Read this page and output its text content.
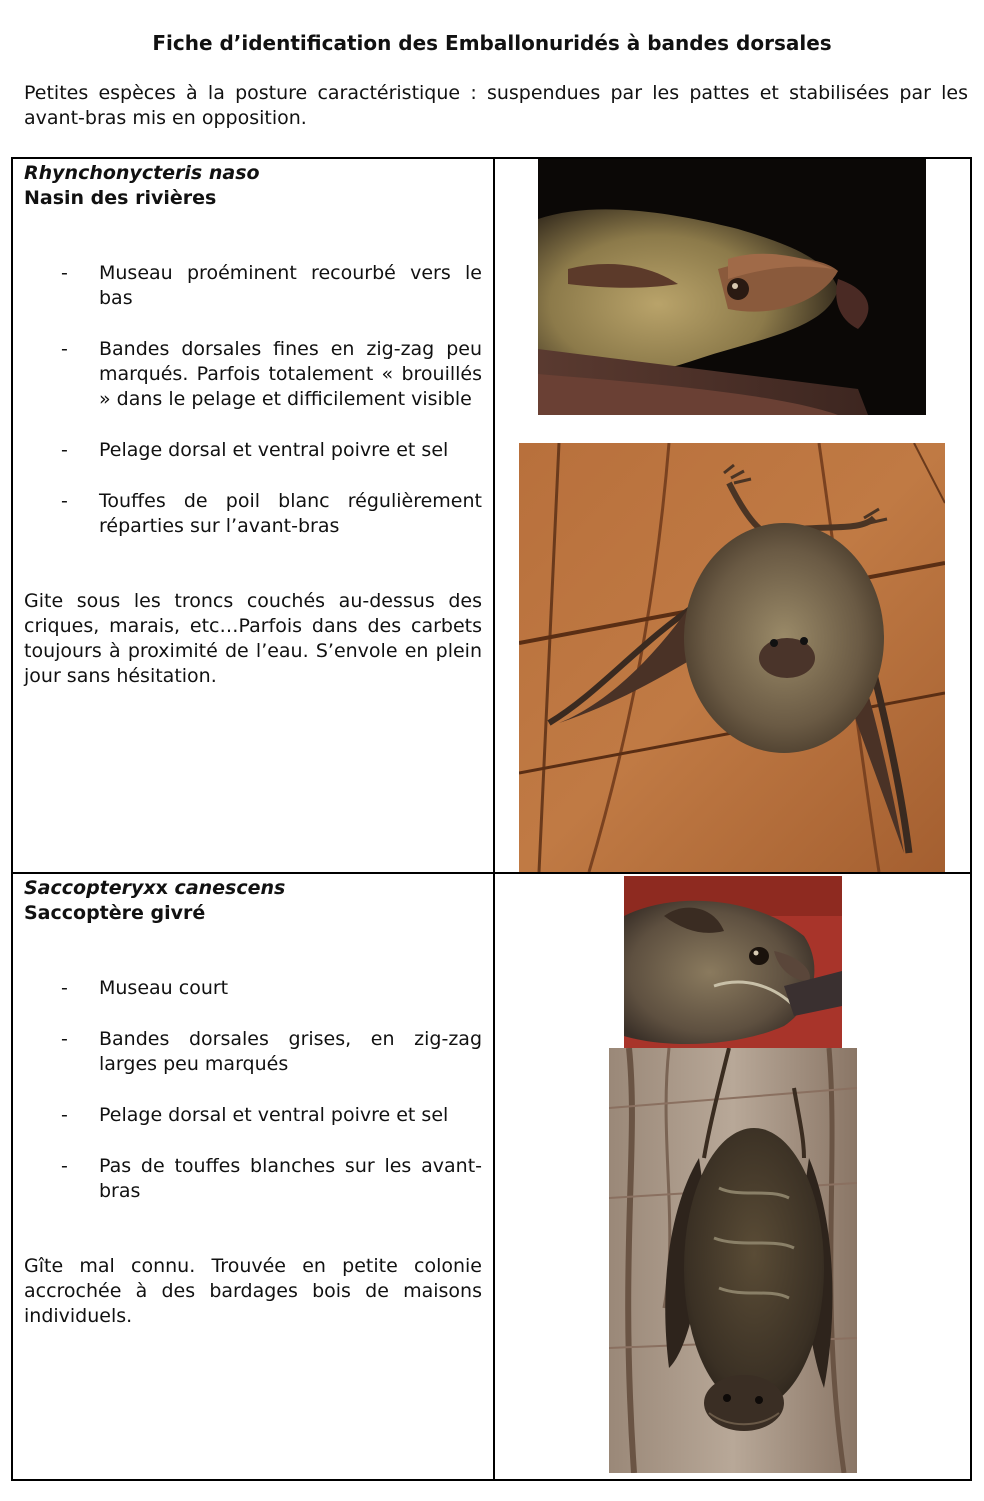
Fiche d’identification des Emballonuridés à bandes dorsales
Petites espèces à la posture caractéristique : suspendues par les pattes et stabilisées par les avant-bras mis en opposition.
Rhynchonycteris naso
Nasin des rivières
- Museau proéminent recourbé vers le bas
- Bandes dorsales fines en zig-zag peu marqués. Parfois totalement « brouillés » dans le pelage et difficilement visible
- Pelage dorsal et ventral poivre et sel
- Touffes de poil blanc régulièrement réparties sur l’avant-bras
Gite sous les troncs couchés au-dessus des criques, marais, etc…Parfois dans des carbets toujours à proximité de l’eau. S’envole en plein jour sans hésitation.
Saccopteryxx canescens
Saccoptère givré
- Museau court
- Bandes dorsales grises, en zig-zag larges peu marqués
- Pelage dorsal et ventral poivre et sel
- Pas de touffes blanches sur les avant-bras
Gîte mal connu. Trouvée en petite colonie accrochée à des bardages bois de maisons individuels.
